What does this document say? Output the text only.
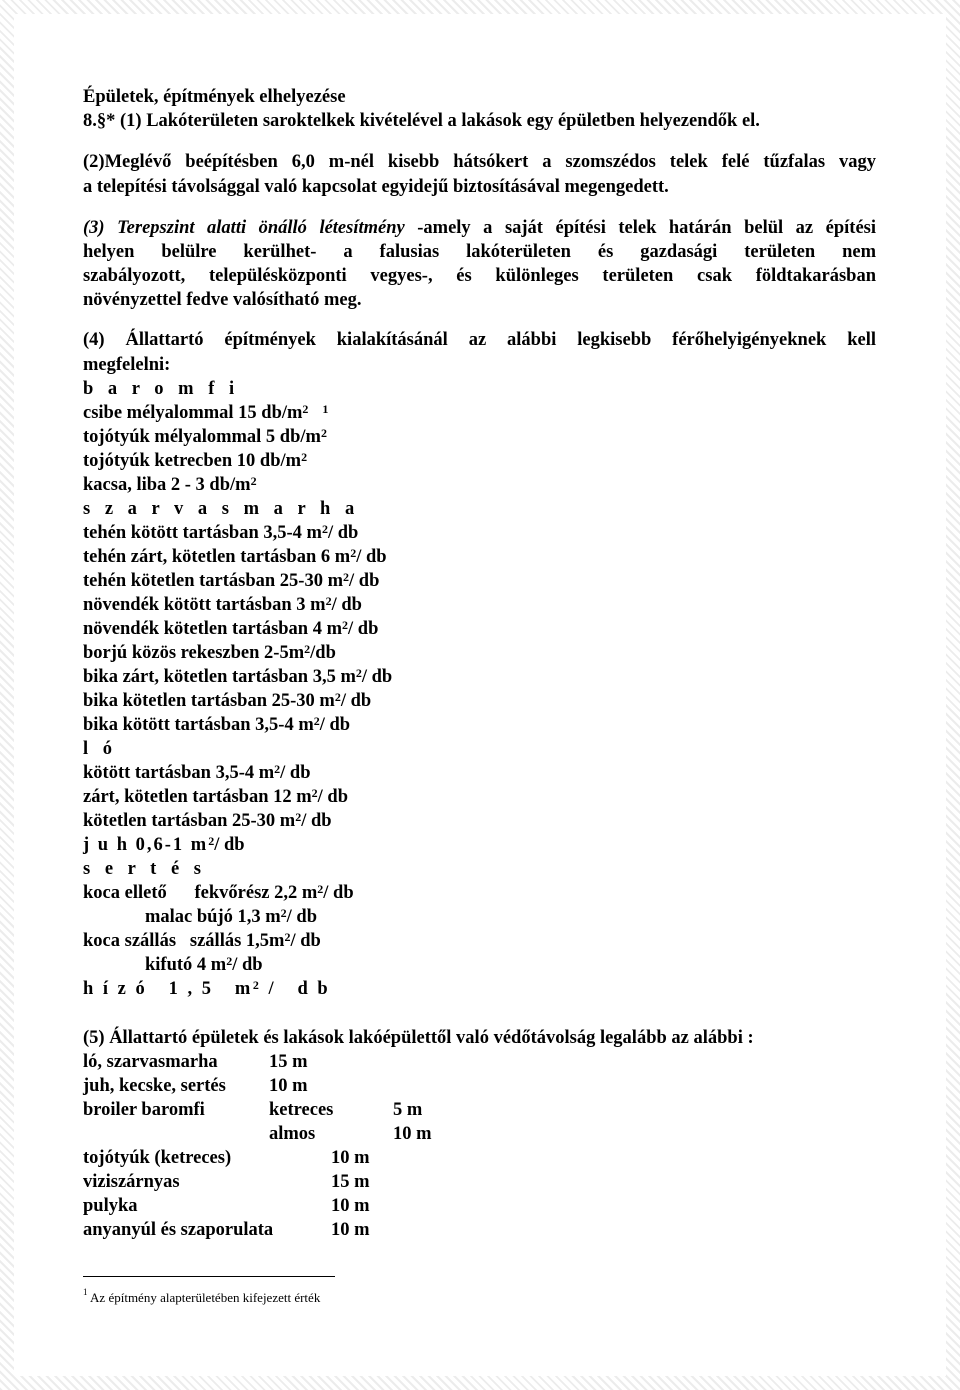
Épületek, építmények elhelyezése
8.§* (1) Lakóterületen saroktelkek kivételével a lakások egy épületben helyezendők el.
(2)Meglévő beépítésben 6,0 m-nél kisebb hátsókert a szomszédos telek felé tűzfalas vagy
a telepítési távolsággal való kapcsolat egyidejű biztosításával megengedett.
(3) Terepszint alatti önálló létesítmény -amely a saját építési telek határán belül az építési
helyen belülre kerülhet- a falusias lakóterületen és gazdasági területen nem
szabályozott, településközponti vegyes-, és különleges területen csak földtakarásban
növényzettel fedve valósítható meg.
(4) Állattartó építmények kialakításánál az alábbi legkisebb férőhelyigényeknek kell
megfelelni:
b a r o m f i
csibe mélyalommal 15 $db/m^2$ $^1$
tojótyúk mélyalommal 5 $db/m^2$
tojótyúk ketrecben 10 $db/m^2$
kacsa, liba 2 - 3 $db/m^2$
s z a r v a s m a r h a
tehén kötött tartásban 3,5-4 $m^2/$ db
tehén zárt, kötetlen tartásban 6 $m^2/$ db
tehén kötetlen tartásban 25-30 $m^2/$ db
növendék kötött tartásban 3 $m^2/$ db
növendék kötetlen tartásban 4 $m^2/$ db
borjú közös rekeszben $2-5m^2/db$
bika zárt, kötetlen tartásban 3,5 $m^2/$ db
bika kötetlen tartásban 25-30 $m^2/$ db
bika kötött tartásban 3,5-4 $m^2/$ db
l ó
kötött tartásban 3,5-4 $m^2/$ db
zárt, kötetlen tartásban 12 $m^2/$ db
kötetlen tartásban 25-30 $m^2/$ db
j u h 0,6-1 $m^2/$ db
s e r t é s
koca ellető      fekvőrész 2,2 $m^2/$ db
malac bújó 1,3 $m^2/$ db
koca szállás   szállás $1,5m^2/$ db
kifutó 4 $m^2/$ db
h í z ó   1 , 5   $m^2$ /   d b
(5) Állattartó épületek és lakások lakóépülettől való védőtávolság legalább az alábbi :
ló, szarvasmarha	15 m
juh, kecske, sertés 10 m
broiler baromfi	ketreces	5 m
almos	10 m
tojótyúk (ketreces)	10 m
viziszárnyas	15 m
pulyka	10 m
anyanyúl és szaporulata	10 m
$^1$ Az építmény alapterületében kifejezett érték
